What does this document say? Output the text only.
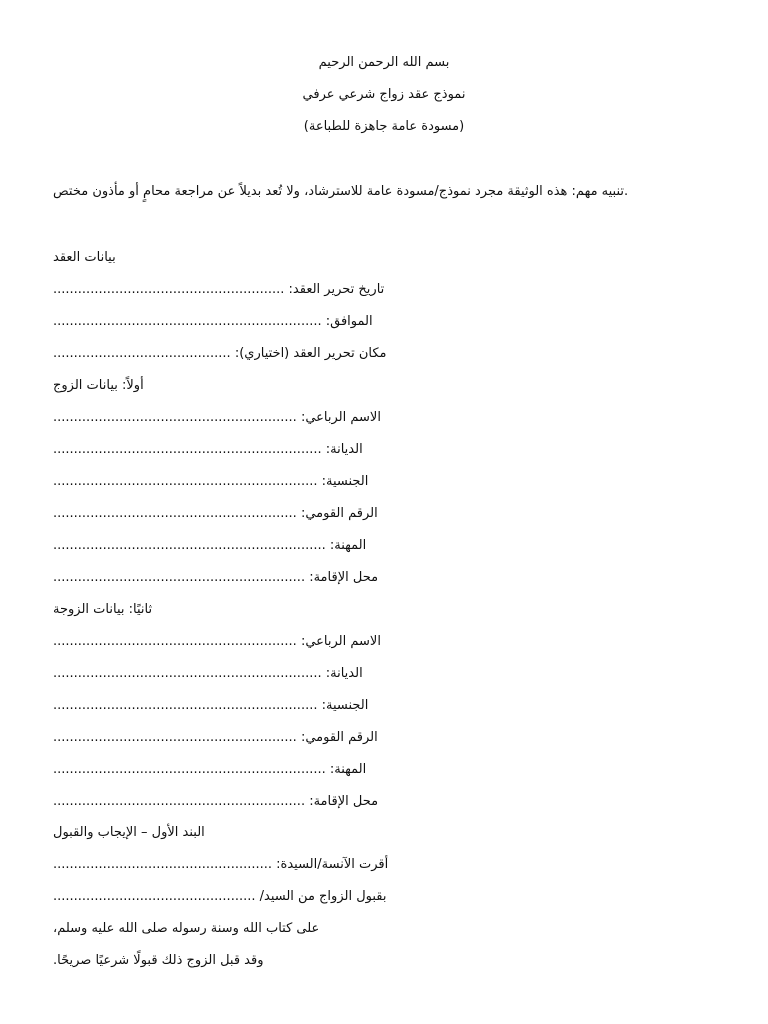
بسم الله الرحمن الرحيم
نموذج عقد زواج شرعي عرفي
(مسودة عامة جاهزة للطباعة)
تنبيه مهم: هذه الوثيقة مجرد نموذج/مسودة عامة للاسترشاد، ولا تُعد بديلاً عن مراجعة محامٍ أو مأذون مختص.
بيانات العقد
تاريخ تحرير العقد: ........................................................
الموافق: .................................................................
مكان تحرير العقد (اختياري): ...........................................
أولاً: بيانات الزوج
الاسم الرباعي: ...........................................................
الديانة: .................................................................
الجنسية: ................................................................
الرقم القومي: ...........................................................
المهنة: ..................................................................
محل الإقامة: .............................................................
ثانيًا: بيانات الزوجة
الاسم الرباعي: ...........................................................
الديانة: .................................................................
الجنسية: ................................................................
الرقم القومي: ...........................................................
المهنة: ..................................................................
محل الإقامة: .............................................................
البند الأول – الإيجاب والقبول
أقرت الآنسة/السيدة: .....................................................
بقبول الزواج من السيد/ .................................................
على كتاب الله وسنة رسوله صلى الله عليه وسلم،
وقد قبل الزوج ذلك قبولًا شرعيًا صريحًا.
